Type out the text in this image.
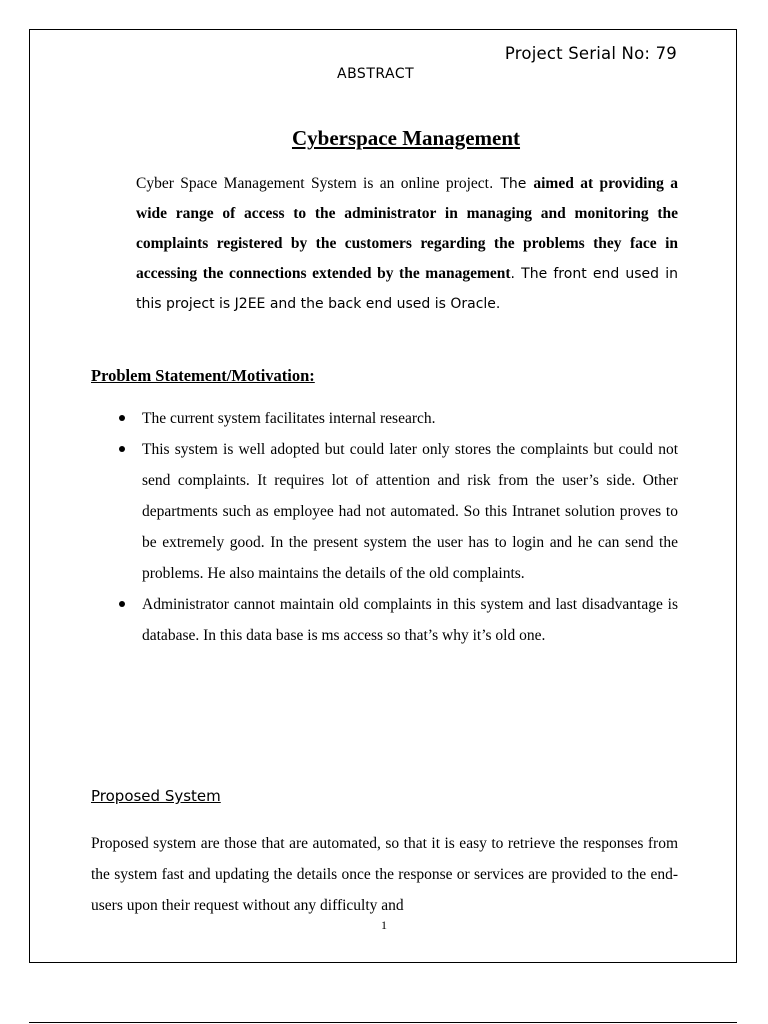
Project Serial No: 79
ABSTRACT
Cyberspace Management

Cyber Space Management System is an online project. The aimed at providing a wide range of access to the administrator in managing and monitoring the complaints registered by the customers regarding the problems they face in accessing the connections extended by the management. The front end used in this project is J2EE and the back end used is Oracle.

Problem Statement/Motivation:
The current system facilitates internal research.
This system is well adopted but could later only stores the complaints but could not send complaints. It requires lot of attention and risk from the user’s side. Other departments such as employee had not automated. So this Intranet solution proves to be extremely good. In the present system the user has to login and he can send the problems. He also maintains the details of the old complaints.
Administrator cannot maintain old complaints in this system and last disadvantage is database. In this data base is ms access so that’s why it’s old one.
Proposed System

Proposed system are those that are automated, so that it is easy to retrieve the responses from the system fast and updating the details once the response or services are provided to the end-users upon their request without any difficulty and

1
